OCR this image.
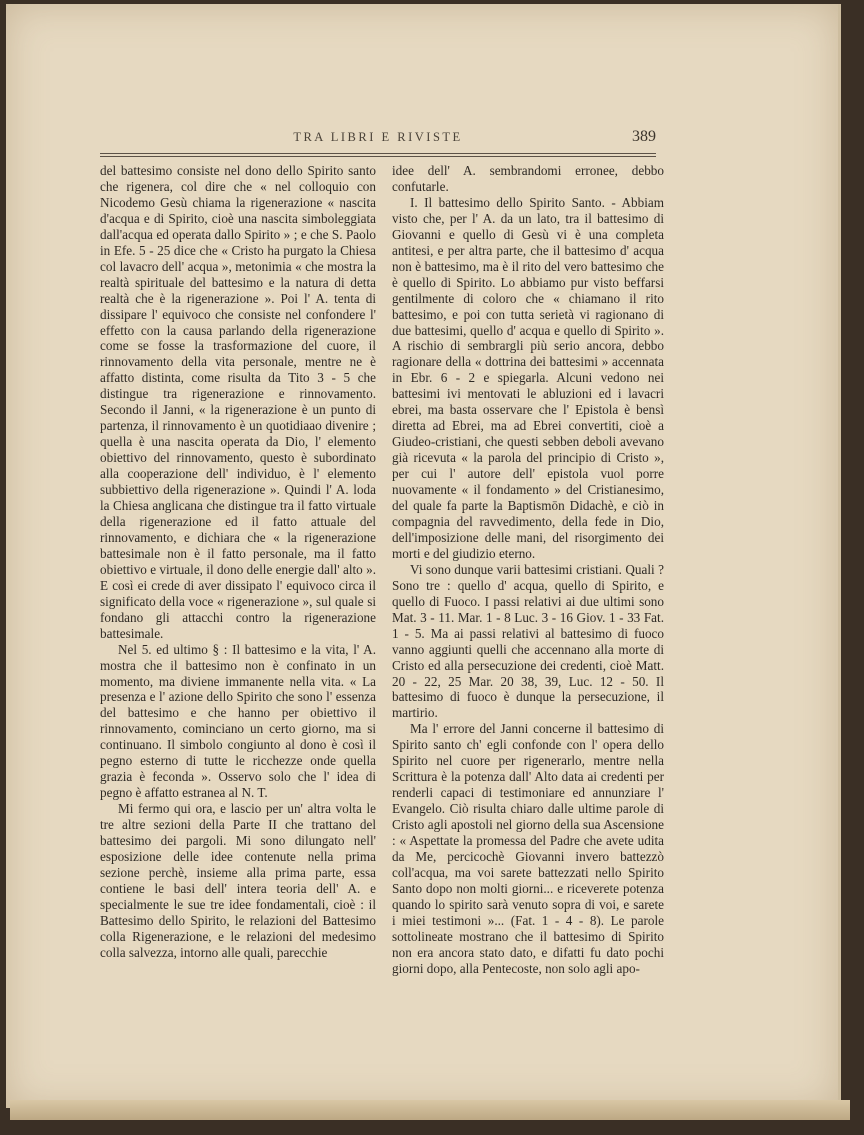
TRA LIBRI E RIVISTE	389

del battesimo consiste nel dono dello Spirito santo che rigenera, col dire che « nel colloquio con Nicodemo Gesù chiama la rigenerazione « nascita d'acqua e di Spirito, cioè una nascita simboleggiata dall'acqua ed operata dallo Spirito » ; e che S. Paolo in Efe. 5 - 25 dice che « Cristo ha purgato la Chiesa col lavacro dell' acqua », metonimia « che mostra la realtà spirituale del battesimo e la natura di detta realtà che è la rigenerazione ». Poi l' A. tenta di dissipare l' equivoco che consiste nel confondere l' effetto con la causa parlando della rigenerazione come se fosse la trasformazione del cuore, il rinnovamento della vita personale, mentre ne è affatto distinta, come risulta da Tito 3 - 5 che distingue tra rigenerazione e rinnovamento. Secondo il Janni, « la rigenerazione è un punto di partenza, il rinnovamento è un quotidiaao divenire ; quella è una nascita operata da Dio, l' elemento obiettivo del rinnovamento, questo è subordinato alla cooperazione dell' individuo, è l' elemento subbiettivo della rigenerazione ». Quindi l' A. loda la Chiesa anglicana che distingue tra il fatto virtuale della rigenerazione ed il fatto attuale del rinnovamento, e dichiara che « la rigenerazione battesimale non è il fatto personale, ma il fatto obiettivo e virtuale, il dono delle energie dall' alto ». E così ei crede di aver dissipato l' equivoco circa il significato della voce « rigenerazione », sul quale si fondano gli attacchi contro la rigenerazione battesimale.

Nel 5. ed ultimo § : Il battesimo e la vita, l' A. mostra che il battesimo non è confinato in un momento, ma diviene immanente nella vita. « La presenza e l' azione dello Spirito che sono l' essenza del battesimo e che hanno per obiettivo il rinnovamento, cominciano un certo giorno, ma si continuano. Il simbolo congiunto al dono è così il pegno esterno di tutte le ricchezze onde quella grazia è feconda ». Osservo solo che l' idea di pegno è affatto estranea al N. T.

Mi fermo qui ora, e lascio per un' altra volta le tre altre sezioni della Parte II che trattano del battesimo dei pargoli. Mi sono dilungato nell' esposizione delle idee contenute nella prima sezione perchè, insieme alla prima parte, essa contiene le basi dell' intera teoria dell' A. e specialmente le sue tre idee fondamentali, cioè : il Battesimo dello Spirito, le relazioni del Battesimo colla Rigenerazione, e le relazioni del medesimo colla salvezza, intorno alle quali, parecchie

idee dell' A. sembrandomi erronee, debbo confutarle.

I. Il battesimo dello Spirito Santo. - Abbiam visto che, per l' A. da un lato, tra il battesimo di Giovanni e quello di Gesù vi è una completa antitesi, e per altra parte, che il battesimo d' acqua non è battesimo, ma è il rito del vero battesimo che è quello di Spirito. Lo abbiamo pur visto beffarsi gentilmente di coloro che « chiamano il rito battesimo, e poi con tutta serietà vi ragionano di due battesimi, quello d' acqua e quello di Spirito ». A rischio di sembrargli più serio ancora, debbo ragionare della « dottrina dei battesimi » accennata in Ebr. 6 - 2 e spiegarla. Alcuni vedono nei battesimi ivi mentovati le abluzioni ed i lavacri ebrei, ma basta osservare che l' Epistola è bensì diretta ad Ebrei, ma ad Ebrei convertiti, cioè a Giudeo-cristiani, che questi sebben deboli avevano già ricevuta « la parola del principio di Cristo », per cui l' autore dell' epistola vuol porre nuovamente « il fondamento » del Cristianesimo, del quale fa parte la Baptismōn Didachè, e ciò in compagnia del ravvedimento, della fede in Dio, dell'imposizione delle mani, del risorgimento dei morti e del giudizio eterno.

Vi sono dunque varii battesimi cristiani. Quali ? Sono tre : quello d' acqua, quello di Spirito, e quello di Fuoco. I passi relativi ai due ultimi sono Mat. 3 - 11. Mar. 1 - 8 Luc. 3 - 16 Giov. 1 - 33 Fat. 1 - 5. Ma ai passi relativi al battesimo di fuoco vanno aggiunti quelli che accennano alla morte di Cristo ed alla persecuzione dei credenti, cioè Matt. 20 - 22, 25 Mar. 20 38, 39, Luc. 12 - 50. Il battesimo di fuoco è dunque la persecuzione, il martirio.

Ma l' errore del Janni concerne il battesimo di Spirito santo ch' egli confonde con l' opera dello Spirito nel cuore per rigenerarlo, mentre nella Scrittura è la potenza dall' Alto data ai credenti per renderli capaci di testimoniare ed annunziare l' Evangelo. Ciò risulta chiaro dalle ultime parole di Cristo agli apostoli nel giorno della sua Ascensione : « Aspettate la promessa del Padre che avete udita da Me, percicochè Giovanni invero battezzò coll'acqua, ma voi sarete battezzati nello Spirito Santo dopo non molti giorni... e riceverete potenza quando lo spirito sarà venuto sopra di voi, e sarete i miei testimoni »... (Fat. 1 - 4 - 8). Le parole sottolineate mostrano che il battesimo di Spirito non era ancora stato dato, e difatti fu dato pochi giorni dopo, alla Pentecoste, non solo agli apo-
